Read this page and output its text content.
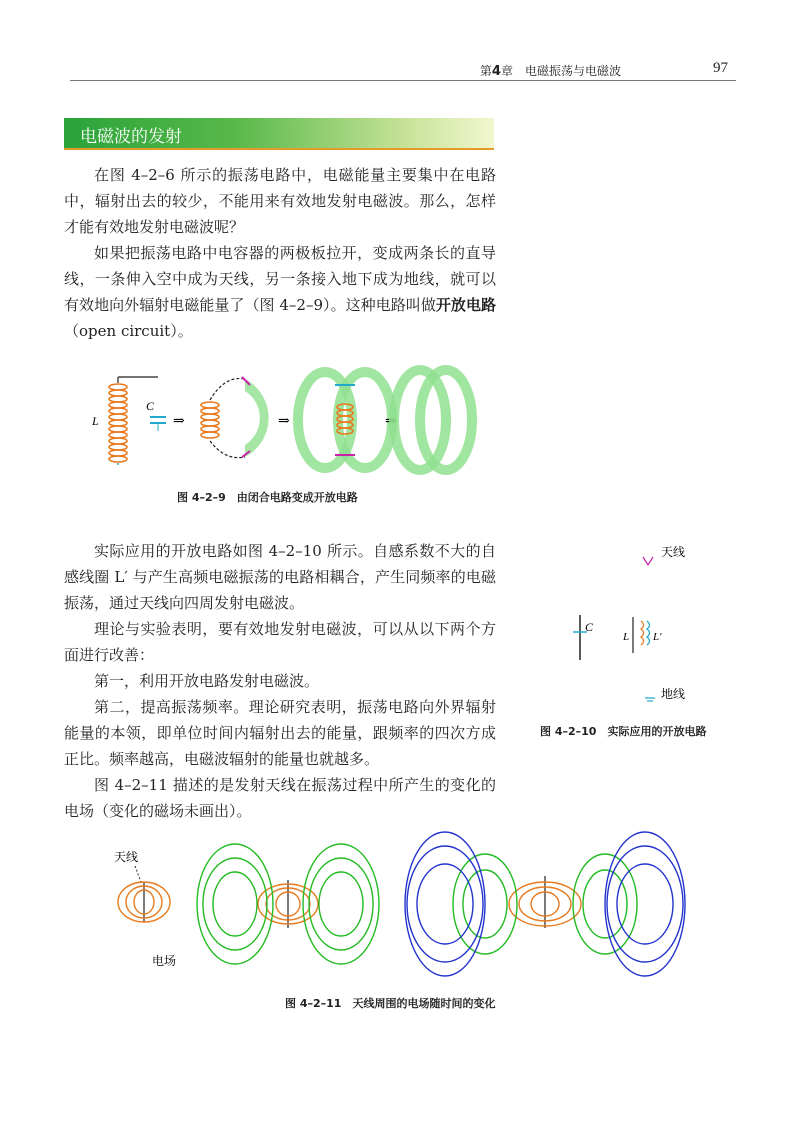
第4章　 电磁振荡与电磁波	97
电磁波的发射

在图 4–2–6 所示的振荡电路中，电磁能量主要集中在电路中，辐射出去的较少，不能用来有效地发射电磁波。那么，怎样才能有效地发射电磁波呢？

如果把振荡电路中电容器的两极板拉开，变成两条长的直导线，一条伸入空中成为天线，另一条接入地下成为地线，就可以有效地向外辐射电磁能量了（图 4–2–9）。这种电路叫做开放电路（open circuit）。

L
C
⇒	⇒	⇒
图 4–2–9　由闭合电路变成开放电路

实际应用的开放电路如图 4–2–10 所示。自感系数不大的自感线圈 L′ 与产生高频电磁振荡的电路相耦合，产生同频率的电磁振荡，通过天线向四周发射电磁波。

理论与实验表明，要有效地发射电磁波，可以从以下两个方面进行改善：

第一，利用开放电路发射电磁波。

第二，提高振荡频率。理论研究表明，振荡电路向外界辐射能量的本领，即单位时间内辐射出去的能量，跟频率的四次方成正比。频率越高，电磁波辐射的能量也就越多。

图 4–2–11 描述的是发射天线在振荡过程中所产生的变化的电场（变化的磁场未画出）。

天线
C
L L′
地线
图 4–2–10　实际应用的开放电路
天线
电场
图 4–2–11　天线周围的电场随时间的变化
